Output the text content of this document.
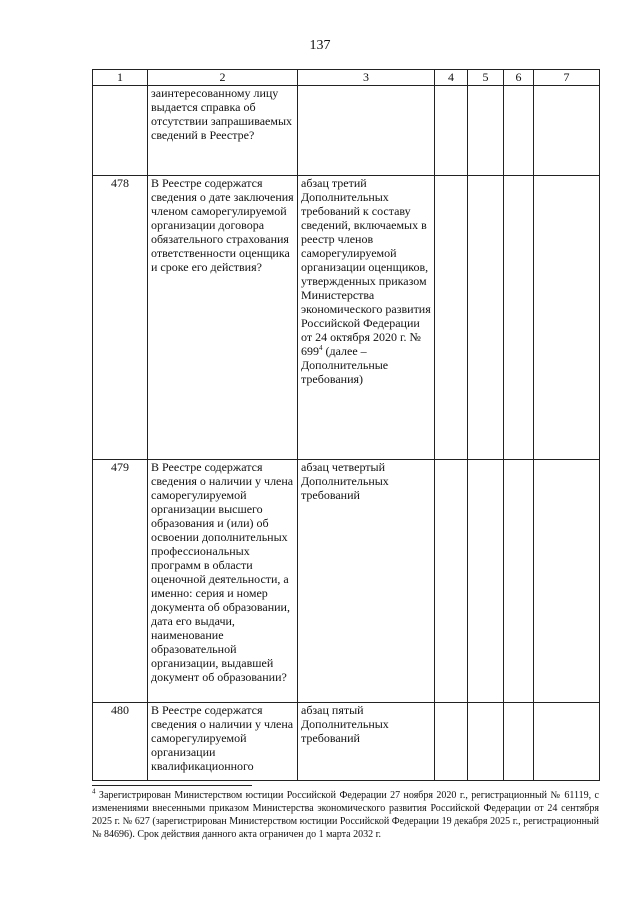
137
1	2	3	4	5	6	7
	заинтересованному лицу выдается справка об отсутствии запрашиваемых сведений в Реестре?					
478	В Реестре содержатся сведения о дате заключения членом саморегулируемой организации договора обязательного страхования ответственности оценщика и сроке его действия?	абзац третий Дополнительных требований к составу сведений, включаемых в реестр членов саморегулируемой организации оценщиков, утвержденных приказом Министерства экономического развития Российской Федерации от 24 октября 2020 г. № $699^4$ (далее – Дополнительные требования)				
479	В Реестре содержатся сведения о наличии у члена саморегулируемой организации высшего образования и (или) об освоении дополнительных профессиональных программ в области оценочной деятельности, а именно: серия и номер документа об образовании, дата его выдачи, наименование образовательной организации, выдавшей документ об образовании?	абзац четвертый Дополнительных требований				
480	В Реестре содержатся сведения о наличии у члена саморегулируемой организации квалификационного	абзац пятый Дополнительных требований				
$^4$ Зарегистрирован Министерством юстиции Российской Федерации 27 ноября 2020 г., регистрационный № 61119, с изменениями внесенными приказом Министерства экономического развития Российской Федерации от 24 сентября 2025 г. № 627 (зарегистрирован Министерством юстиции Российской Федерации 19 декабря 2025 г., регистрационный № 84696). Срок действия данного акта ограничен до 1 марта 2032 г.
